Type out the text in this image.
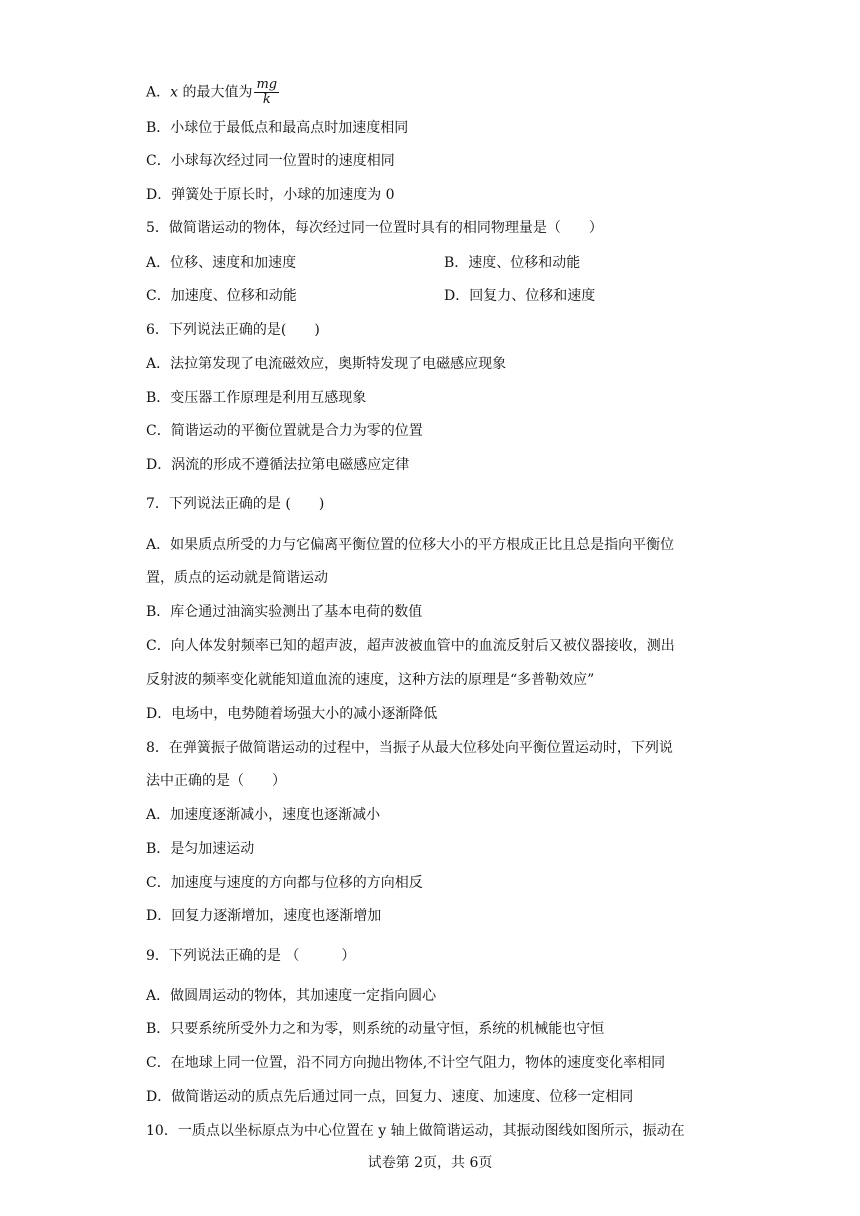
A．x 的最大值为 $\frac{mg}{k}$
B．小球位于最低点和最高点时加速度相同
C．小球每次经过同一位置时的速度相同
D．弹簧处于原长时，小球的加速度为 0
5．做简谐运动的物体，每次经过同一位置时具有的相同物理量是（　　）
A．位移、速度和加速度	B．速度、位移和动能
C．加速度、位移和动能	D．回复力、位移和速度
6．下列说法正确的是(　　)
A．法拉第发现了电流磁效应，奥斯特发现了电磁感应现象
B．变压器工作原理是利用互感现象
C．简谐运动的平衡位置就是合力为零的位置
D．涡流的形成不遵循法拉第电磁感应定律
7．下列说法正确的是 (　　)
A．如果质点所受的力与它偏离平衡位置的位移大小的平方根成正比且总是指向平衡位
置，质点的运动就是简谐运动
B．库仑通过油滴实验测出了基本电荷的数值
C．向人体发射频率已知的超声波，超声波被血管中的血流反射后又被仪器接收，测出
反射波的频率变化就能知道血流的速度，这种方法的原理是“多普勒效应”
D．电场中，电势随着场强大小的减小逐渐降低
8．在弹簧振子做简谐运动的过程中，当振子从最大位移处向平衡位置运动时，下列说
法中正确的是（　　）
A．加速度逐渐减小，速度也逐渐减小
B．是匀加速运动
C．加速度与速度的方向都与位移的方向相反
D．回复力逐渐增加，速度也逐渐增加
9．下列说法正确的是 （　　　）
A．做圆周运动的物体，其加速度一定指向圆心
B．只要系统所受外力之和为零，则系统的动量守恒，系统的机械能也守恒
C．在地球上同一位置，沿不同方向抛出物体,不计空气阻力，物体的速度变化率相同
D．做简谐运动的质点先后通过同一点，回复力、速度、加速度、位移一定相同
10．一质点以坐标原点为中心位置在 y 轴上做简谐运动，其振动图线如图所示，振动在
试卷第 2页，共 6页
